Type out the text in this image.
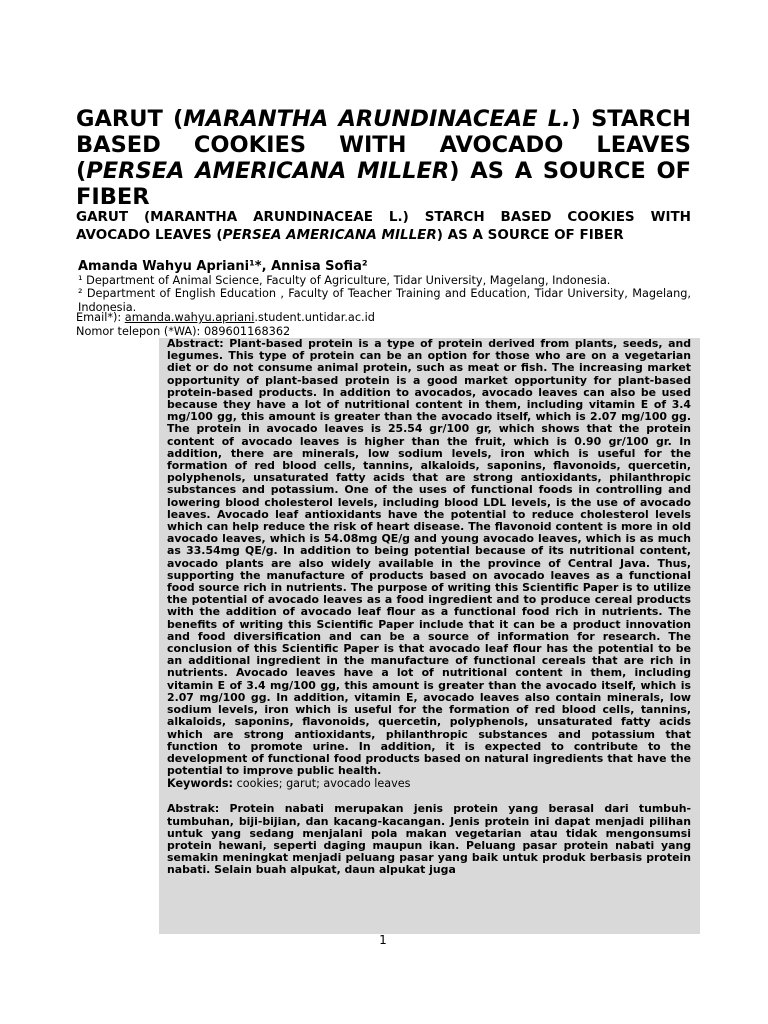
GARUT (MARANTHA ARUNDINACEAE L.) STARCH BASED COOKIES WITH AVOCADO LEAVES (PERSEA AMERICANA MILLER) AS A SOURCE OF FIBER
GARUT (MARANTHA ARUNDINACEAE L.) STARCH BASED COOKIES WITH AVOCADO LEAVES (PERSEA AMERICANA MILLER) AS A SOURCE OF FIBER

Amanda Wahyu Apriani¹*, Annisa Sofia²

¹ Department of Animal Science, Faculty of Agriculture, Tidar University, Magelang, Indonesia.

² Department of English Education , Faculty of Teacher Training and Education, Tidar University, Magelang, Indonesia.

Email*): amanda.wahyu.apriani.student.untidar.ac.id

Nomor telepon (*WA): 089601168362

Abstract: Plant-based protein is a type of protein derived from plants, seeds, and legumes. This type of protein can be an option for those who are on a vegetarian diet or do not consume animal protein, such as meat or fish. The increasing market opportunity of plant-based protein is a good market opportunity for plant-based protein-based products. In addition to avocados, avocado leaves can also be used because they have a lot of nutritional content in them, including vitamin E of 3.4 mg/100 gg, this amount is greater than the avocado itself, which is 2.07 mg/100 gg. The protein in avocado leaves is 25.54 gr/100 gr, which shows that the protein content of avocado leaves is higher than the fruit, which is 0.90 gr/100 gr. In addition, there are minerals, low sodium levels, iron which is useful for the formation of red blood cells, tannins, alkaloids, saponins, flavonoids, quercetin, polyphenols, unsaturated fatty acids that are strong antioxidants, philanthropic substances and potassium. One of the uses of functional foods in controlling and lowering blood cholesterol levels, including blood LDL levels, is the use of avocado leaves. Avocado leaf antioxidants have the potential to reduce cholesterol levels which can help reduce the risk of heart disease. The flavonoid content is more in old avocado leaves, which is 54.08mg QE/g and young avocado leaves, which is as much as 33.54mg QE/g. In addition to being potential because of its nutritional content, avocado plants are also widely available in the province of Central Java. Thus, supporting the manufacture of products based on avocado leaves as a functional food source rich in nutrients. The purpose of writing this Scientific Paper is to utilize the potential of avocado leaves as a food ingredient and to produce cereal products with the addition of avocado leaf flour as a functional food rich in nutrients. The benefits of writing this Scientific Paper include that it can be a product innovation and food diversification and can be a source of information for research. The conclusion of this Scientific Paper is that avocado leaf flour has the potential to be an additional ingredient in the manufacture of functional cereals that are rich in nutrients. Avocado leaves have a lot of nutritional content in them, including vitamin E of 3.4 mg/100 gg, this amount is greater than the avocado itself, which is 2.07 mg/100 gg. In addition, vitamin E, avocado leaves also contain minerals, low sodium levels, iron which is useful for the formation of red blood cells, tannins, alkaloids, saponins, flavonoids, quercetin, polyphenols, unsaturated fatty acids which are strong antioxidants, philanthropic substances and potassium that function to promote urine. In addition, it is expected to contribute to the development of functional food products based on natural ingredients that have the potential to improve public health.

Keywords: cookies; garut; avocado leaves

Abstrak: Protein nabati merupakan jenis protein yang berasal dari tumbuh-tumbuhan, biji-bijian, dan kacang-kacangan. Jenis protein ini dapat menjadi pilihan untuk yang sedang menjalani pola makan vegetarian atau tidak mengonsumsi protein hewani, seperti daging maupun ikan. Peluang pasar protein nabati yang semakin meningkat menjadi peluang pasar yang baik untuk produk berbasis protein nabati. Selain buah alpukat, daun alpukat juga

1
